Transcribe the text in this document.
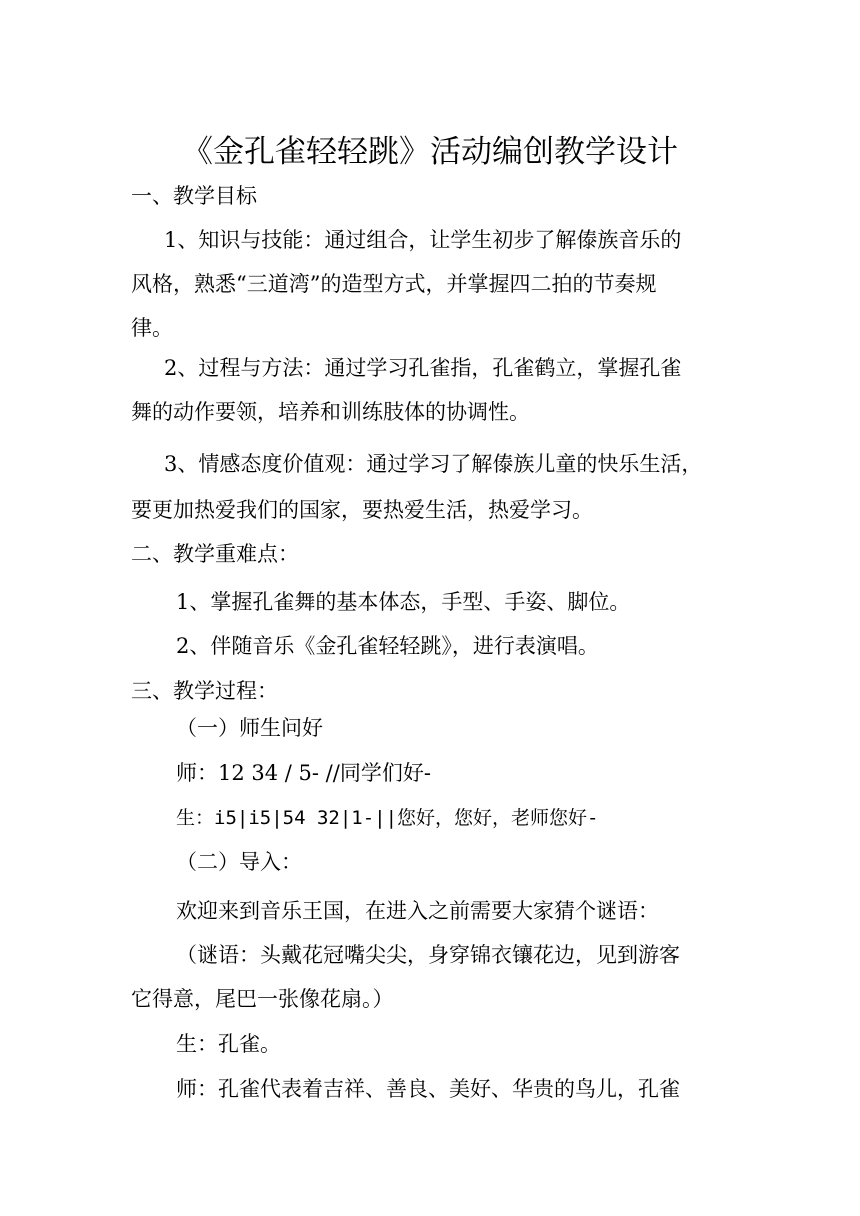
《金孔雀轻轻跳》活动编创教学设计
一、教学目标
1、知识与技能：通过组合，让学生初步了解傣族音乐的
风格，熟悉“三道湾”的造型方式，并掌握四二拍的节奏规
律。
2、过程与方法：通过学习孔雀指，孔雀鹤立，掌握孔雀
舞的动作要领，培养和训练肢体的协调性。
3、情感态度价值观：通过学习了解傣族儿童的快乐生活，
要更加热爱我们的国家，要热爱生活，热爱学习。
二、教学重难点：
1、掌握孔雀舞的基本体态，手型、手姿、脚位。
2、伴随音乐《金孔雀轻轻跳》，进行表演唱。
三、教学过程：
（一）师生问好
师：12 34 / 5- //同学们好-
生：i5|i5|54 32|1-||您好，您好，老师您好-
（二）导入：
欢迎来到音乐王国，在进入之前需要大家猜个谜语：
（谜语：头戴花冠嘴尖尖，身穿锦衣镶花边，见到游客
它得意，尾巴一张像花扇。）
生：孔雀。
师：孔雀代表着吉祥、善良、美好、华贵的鸟儿，孔雀
